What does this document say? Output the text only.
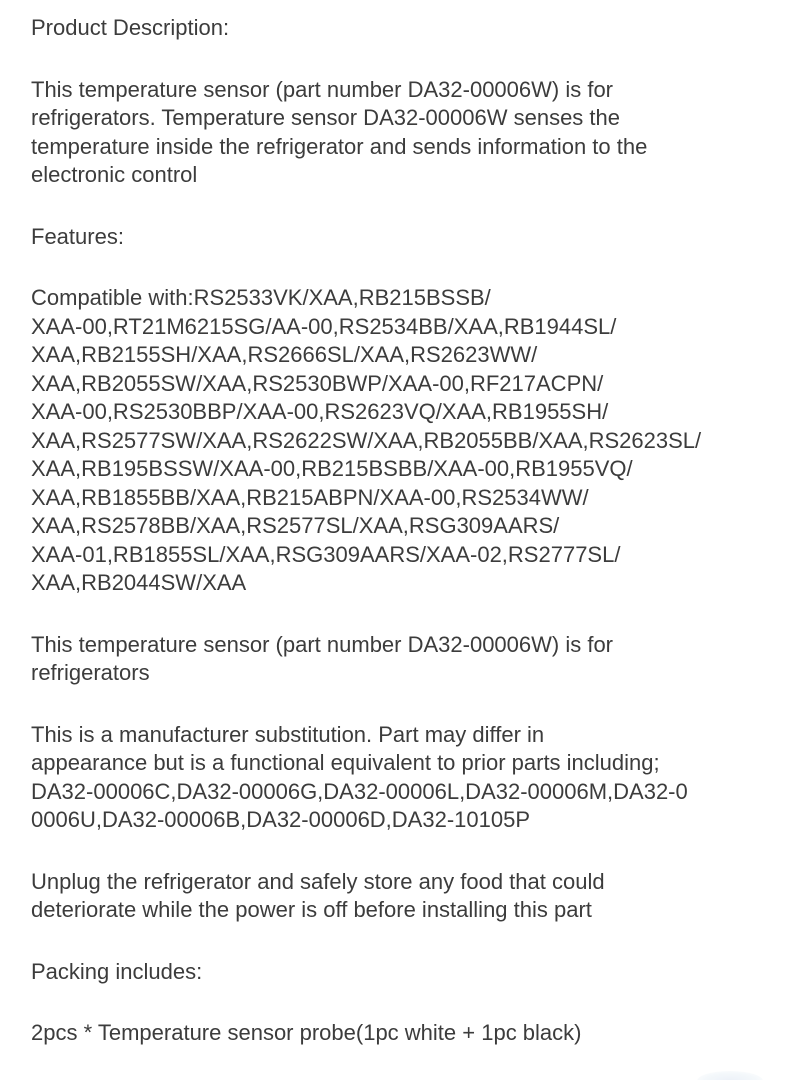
Product Description:

This temperature sensor (part number DA32-00006W) is for
refrigerators. Temperature sensor DA32-00006W senses the
temperature inside the refrigerator and sends information to the
electronic control

Features:

Compatible with:RS2533VK/XAA,RB215BSSB/
XAA-00,RT21M6215SG/AA-00,RS2534BB/XAA,RB1944SL/
XAA,RB2155SH/XAA,RS2666SL/XAA,RS2623WW/
XAA,RB2055SW/XAA,RS2530BWP/XAA-00,RF217ACPN/
XAA-00,RS2530BBP/XAA-00,RS2623VQ/XAA,RB1955SH/
XAA,RS2577SW/XAA,RS2622SW/XAA,RB2055BB/XAA,RS2623SL/
XAA,RB195BSSW/XAA-00,RB215BSBB/XAA-00,RB1955VQ/
XAA,RB1855BB/XAA,RB215ABPN/XAA-00,RS2534WW/
XAA,RS2578BB/XAA,RS2577SL/XAA,RSG309AARS/
XAA-01,RB1855SL/XAA,RSG309AARS/XAA-02,RS2777SL/
XAA,RB2044SW/XAA

This temperature sensor (part number DA32-00006W) is for
refrigerators

This is a manufacturer substitution. Part may differ in
appearance but is a functional equivalent to prior parts including;
DA32-00006C,DA32-00006G,DA32-00006L,DA32-00006M,DA32-0
0006U,DA32-00006B,DA32-00006D,DA32-10105P

Unplug the refrigerator and safely store any food that could
deteriorate while the power is off before installing this part

Packing includes:

2pcs * Temperature sensor probe(1pc white + 1pc black)
